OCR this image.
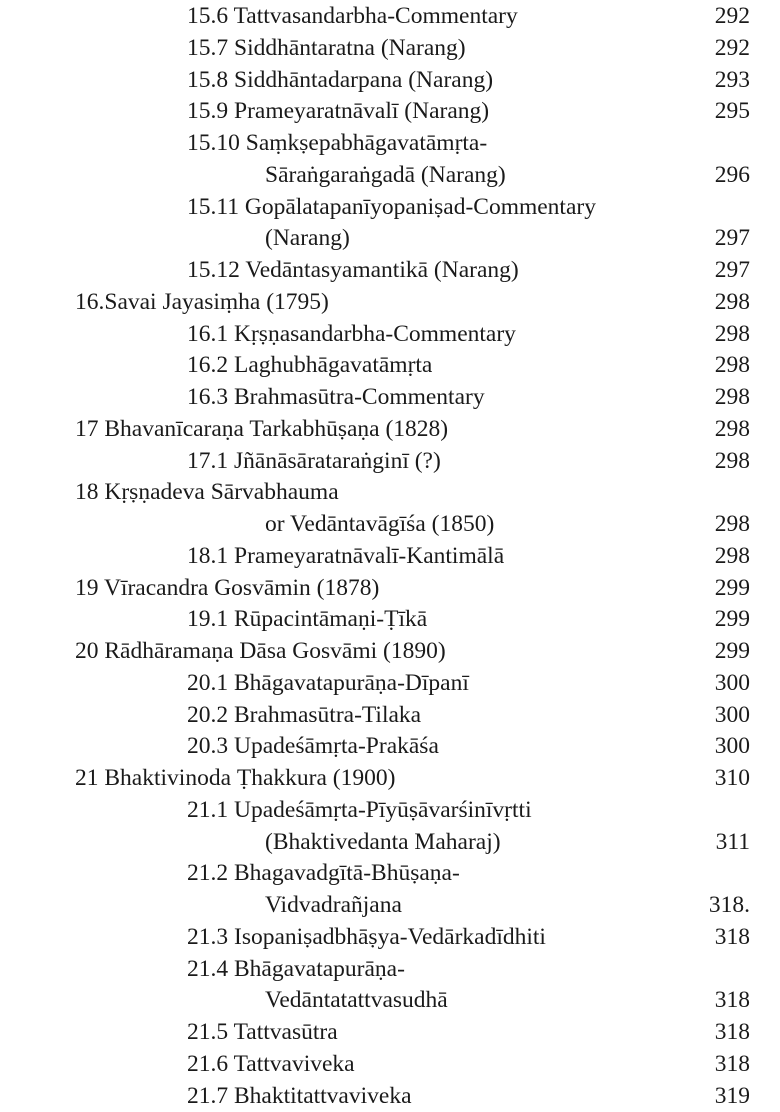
15.6 Tattvasandarbha-Commentary	292
15.7 Siddhāntaratna (Narang)	292
15.8 Siddhāntadarpana (Narang)	293
15.9 Prameyaratnāvalī (Narang)	295
15.10 Saṃkṣepabhāgavatāmṛta-
Sāraṅgaraṅgadā (Narang)	296
15.11 Gopālatapanīyopaniṣad-Commentary
(Narang)	297
15.12 Vedāntasyamantikā (Narang)	297
16.Savai Jayasiṃha (1795)	298
16.1 Kṛṣṇasandarbha-Commentary	298
16.2 Laghubhāgavatāmṛta	298
16.3 Brahmasūtra-Commentary	298
17 Bhavanīcaraṇa Tarkabhūṣaṇa (1828)	298
17.1 Jñānāsārataraṅginī (?)	298
18 Kṛṣṇadeva Sārvabhauma
or Vedāntavāgīśa (1850)	298
18.1 Prameyaratnāvalī-Kantimālā	298
19 Vīracandra Gosvāmin (1878)	299
19.1 Rūpacintāmaṇi-Ṭīkā	299
20 Rādhāramaṇa Dāsa Gosvāmi (1890)	299
20.1 Bhāgavatapurāṇa-Dīpanī	300
20.2 Brahmasūtra-Tilaka	300
20.3 Upadeśāmṛta-Prakāśa	300
21 Bhaktivinoda Ṭhakkura (1900)	310
21.1 Upadeśāmṛta-Pīyūṣāvarśinīvṛtti
(Bhaktivedanta Maharaj)	311
21.2 Bhagavadgītā-Bhūṣaṇa-
Vidvadrañjana	318.
21.3 Isopaniṣadbhāṣya-Vedārkadīdhiti	318
21.4 Bhāgavatapurāṇa-
Vedāntatattvasudhā	318
21.5 Tattvasūtra	318
21.6 Tattvaviveka	318
21.7 Bhaktitattvaviveka	319
